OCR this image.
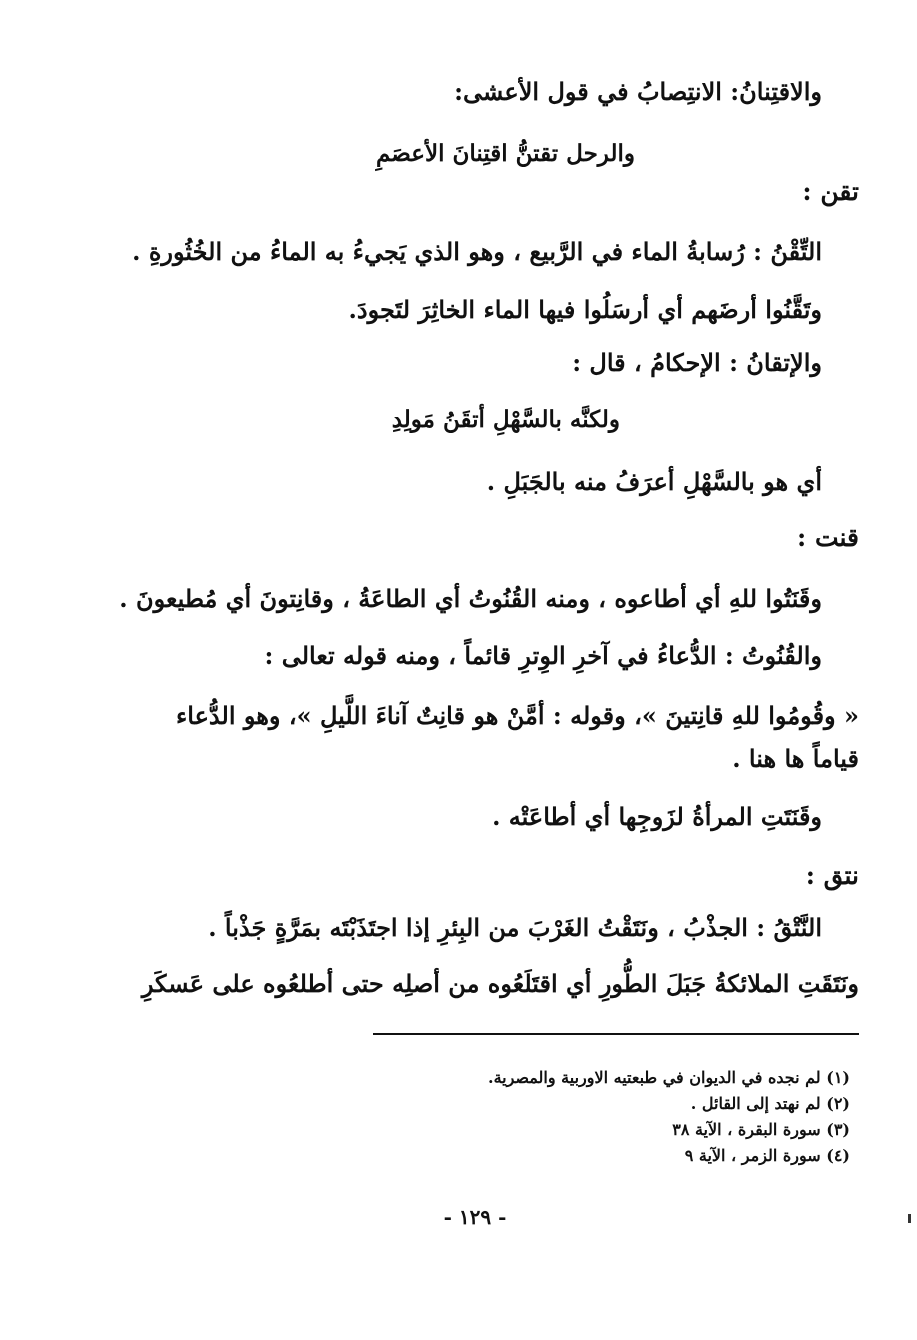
والاقتِنانُ: الانتِصابُ في قول الأعشى:
والرحل تقتنُّ اقتِنانَ الأعصَمِ
تقن :
التِّقْنُ : رُسابةُ الماء في الرَّبيع ، وهو الذي يَجيءُ به الماءُ من الخُثُورةِ .
وتَقَّنُوا أرضَهم أي أرسَلُوا فيها الماء الخاثِرَ لتَجودَ.
والإتقانُ : الإحكامُ ، قال :
ولكنَّه بالسَّهْلِ أتقَنُ مَولِدِ
أي هو بالسَّهْلِ أعرَفُ منه بالجَبَلِ .
قنت :
وقَنَتُوا للهِ أي أطاعوه ، ومنه القُنُوتُ أي الطاعَةُ ، وقانِتونَ أي مُطيعونَ .
والقُنُوتُ : الدُّعاءُ في آخرِ الوِترِ قائماً ، ومنه قوله تعالى :
« وقُومُوا للهِ قانِتينَ »، وقوله : أمَّنْ هو قانِتٌ آناءَ اللَّيلِ »، وهو الدُّعاء
قياماً ها هنا .
وقَنَتَتِ المرأةُ لزَوجِها أي أطاعَتْه .
نتق :
النَّتْقُ : الجذْبُ ، ونَتَقْتُ الغَرْبَ من البِئرِ إذا اجتَذَبْتَه بمَرَّةٍ جَذْباً .
ونَتَقَتِ الملائكةُ جَبَلَ الطُّورِ أي اقتَلَعُوه من أصلِه حتى أطلعُوه على عَسكَرِ
(١) لم نجده في الديوان في طبعتيه الاوربية والمصرية.
(٢) لم نهتد إلى القائل .
(٣) سورة البقرة ، الآية ٣٨
(٤) سورة الزمر ، الآية ٩
- ١٢٩ -
